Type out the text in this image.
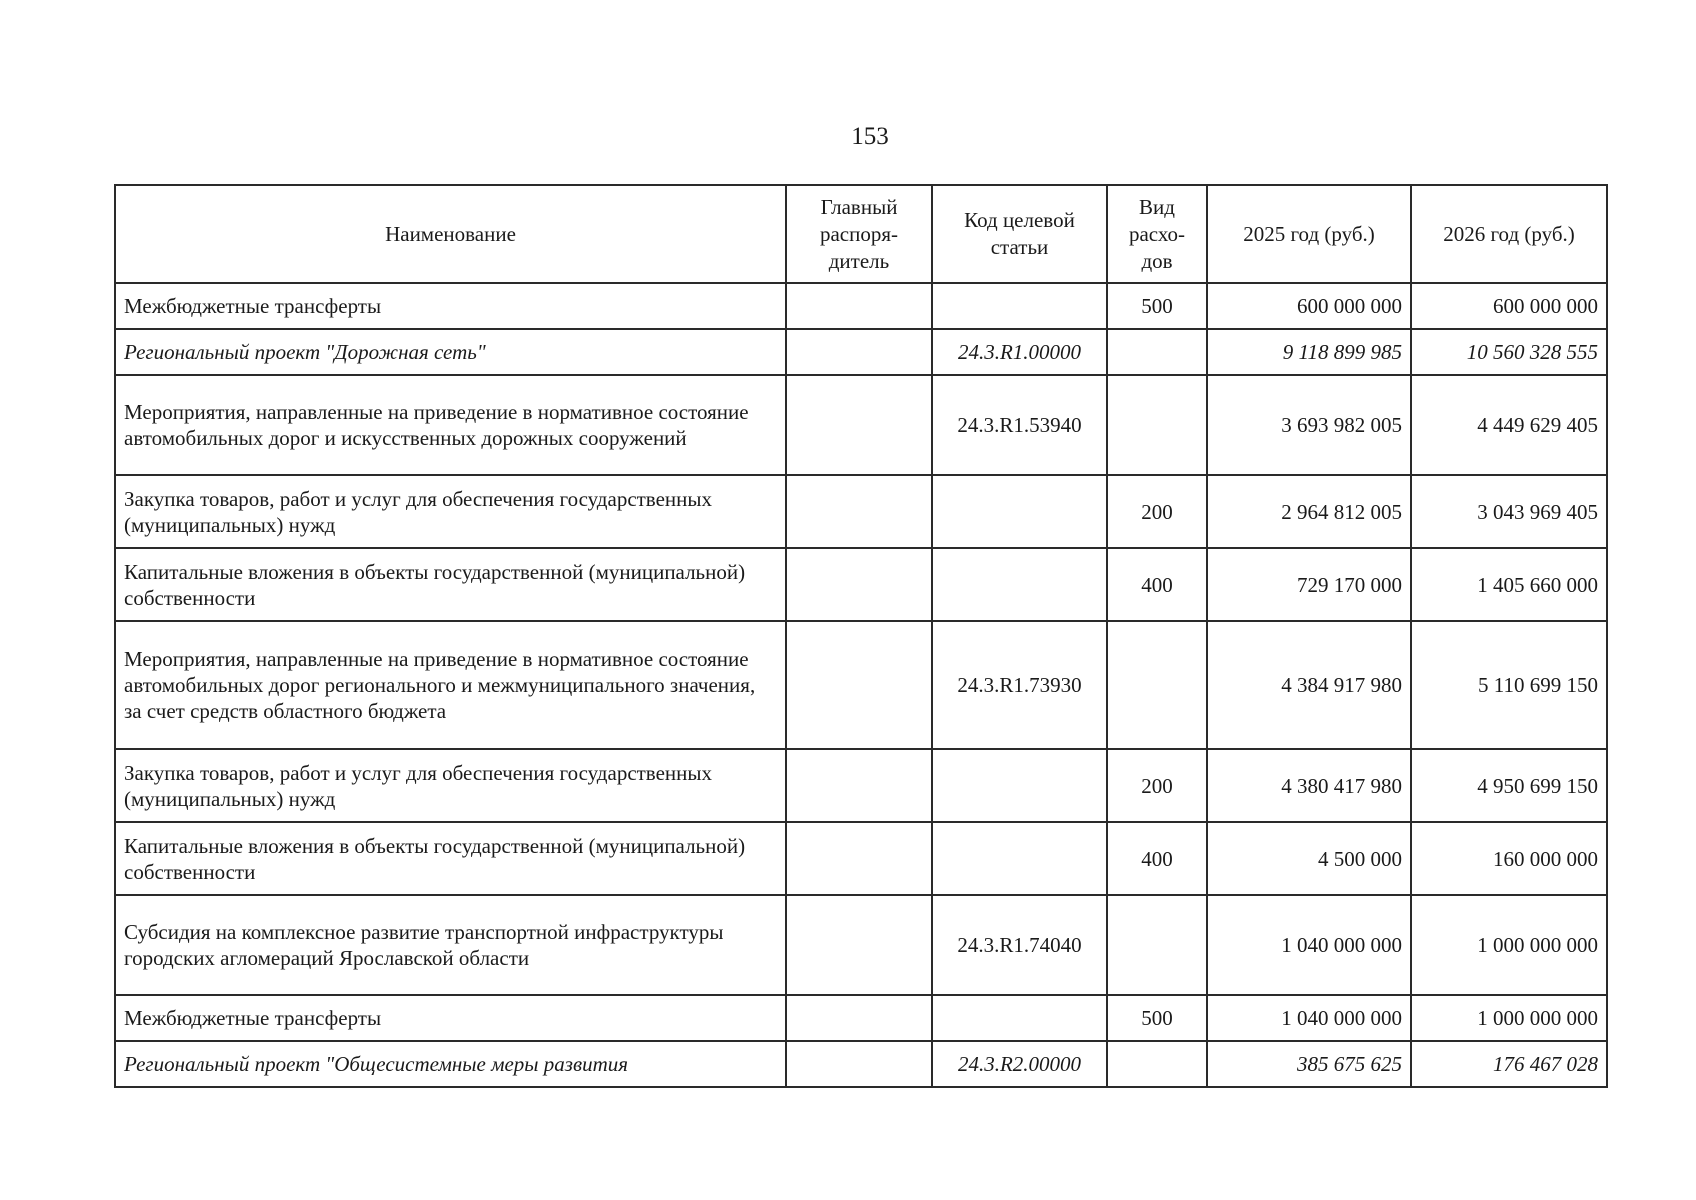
153
Наименование	Главный распоря-дитель	Код целевой статьи	Вид расхо-дов	2025 год (руб.)	2026 год (руб.)
Межбюджетные трансферты			500	600 000 000	600 000 000
Региональный проект "Дорожная сеть"		24.3.R1.00000		9 118 899 985	10 560 328 555
Мероприятия, направленные на приведение в нормативное состояние автомобильных дорог и искусственных дорожных сооружений		24.3.R1.53940		3 693 982 005	4 449 629 405
Закупка товаров, работ и услуг для обеспечения государственных (муниципальных) нужд			200	2 964 812 005	3 043 969 405
Капитальные вложения в объекты государственной (муниципальной) собственности			400	729 170 000	1 405 660 000
Мероприятия, направленные на приведение в нормативное состояние автомобильных дорог регионального и межмуниципального значения, за счет средств областного бюджета		24.3.R1.73930		4 384 917 980	5 110 699 150
Закупка товаров, работ и услуг для обеспечения государственных (муниципальных) нужд			200	4 380 417 980	4 950 699 150
Капитальные вложения в объекты государственной (муниципальной) собственности			400	4 500 000	160 000 000
Субсидия на комплексное развитие транспортной инфраструктуры городских агломераций Ярославской области		24.3.R1.74040		1 040 000 000	1 000 000 000
Межбюджетные трансферты			500	1 040 000 000	1 000 000 000
Региональный проект "Общесистемные меры развития		24.3.R2.00000		385 675 625	176 467 028
